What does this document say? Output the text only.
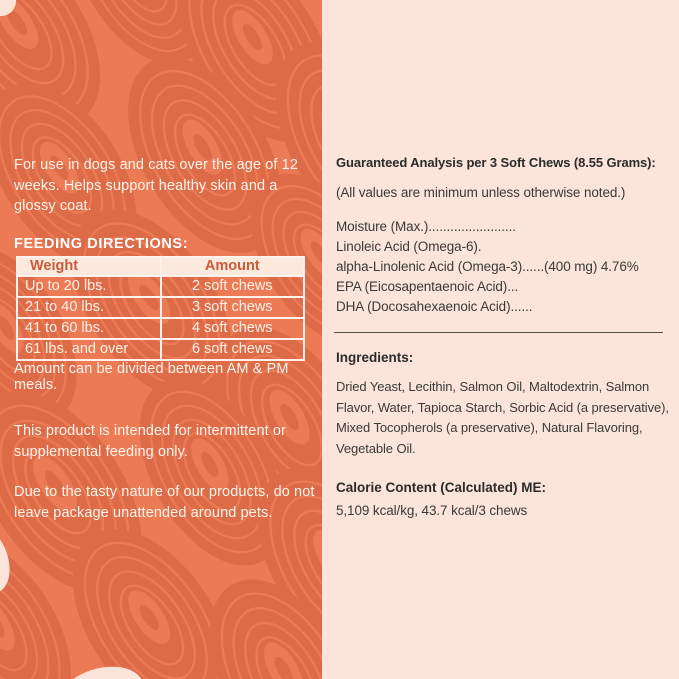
For use in dogs and cats over the age of 12 weeks. Helps support healthy skin and a glossy coat.
FEEDING DIRECTIONS:
Weight	Amount
Up to 20 lbs.	2 soft chews
21 to 40 lbs.	3 soft chews
41 to 60 lbs.	4 soft chews
61 lbs. and over	6 soft chews
Amount can be divided between AM & PM meals.
This product is intended for intermittent or supplemental feeding only.
Due to the tasty nature of our products, do not leave package unattended around pets.
Guaranteed Analysis per 3 Soft Chews (8.55 Grams):
(All values are minimum unless otherwise noted.)
Moisture (Max.)........................
Linoleic Acid (Omega-6).
alpha-Linolenic Acid (Omega-3)......(400 mg) 4.76%
EPA (Eicosapentaenoic Acid)...
DHA (Docosahexaenoic Acid)......
Ingredients:
Dried Yeast, Lecithin, Salmon Oil, Maltodextrin, Salmon Flavor, Water, Tapioca Starch, Sorbic Acid (a preservative), Mixed Tocopherols (a preservative), Natural Flavoring, Vegetable Oil.
Calorie Content (Calculated) ME:
5,109 kcal/kg, 43.7 kcal/3 chews
